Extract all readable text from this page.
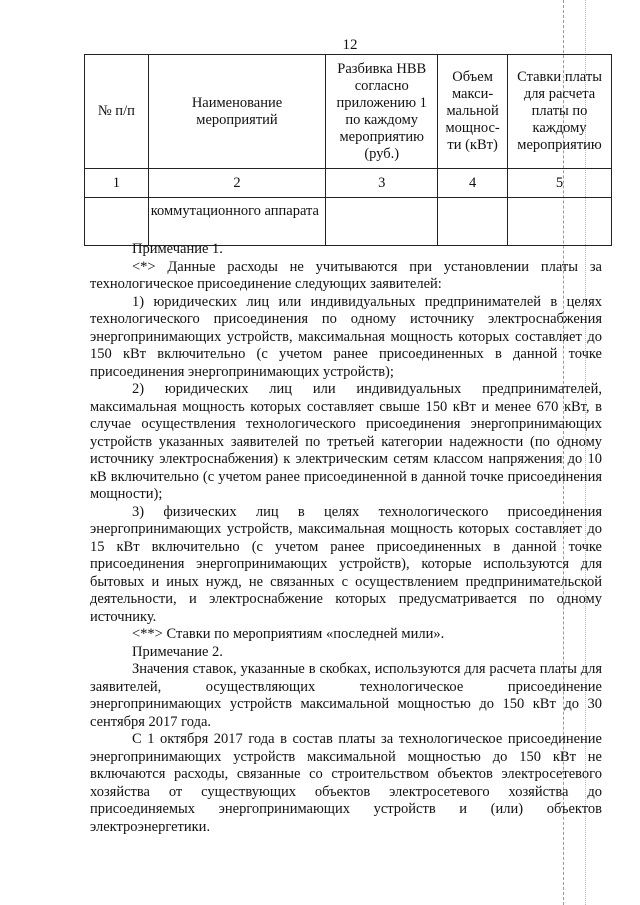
12
№ п/п	Наименование мероприятий	Разбивка НВВ согласно приложению 1 по каждому мероприятию (руб.)	Объем макси-мальной мощнос-ти (кВт)	Ставки платы для расчета платы по каждому мероприятию
1	2	3	4	5
	коммутационного аппарата			

Примечание 1.

<*> Данные расходы не учитываются при установлении платы за технологическое присоединение следующих заявителей:

1) юридических лиц или индивидуальных предпринимателей в целях технологического присоединения по одному источнику электроснабжения энергопринимающих устройств, максимальная мощность которых составляет до 150 кВт включительно (с учетом ранее присоединенных в данной точке присоединения энергопринимающих устройств);

2) юридических лиц или индивидуальных предпринимателей, максимальная мощность которых составляет свыше 150 кВт и менее 670 кВт, в случае осуществления технологического присоединения энергопринимающих устройств указанных заявителей по третьей категории надежности (по одному источнику электроснабжения) к электрическим сетям классом напряжения до 10 кВ включительно (с учетом ранее присоединенной в данной точке присоединения мощности);

3) физических лиц в целях технологического присоединения энергопринимающих устройств, максимальная мощность которых составляет до 15 кВт включительно (с учетом ранее присоединенных в данной точке присоединения энергопринимающих устройств), которые используются для бытовых и иных нужд, не связанных с осуществлением предпринимательской деятельности, и электроснабжение которых предусматривается по одному источнику.

<**> Ставки по мероприятиям «последней мили».

Примечание 2.

Значения ставок, указанные в скобках, используются для расчета платы для заявителей, осуществляющих технологическое присоединение энергопринимающих устройств максимальной мощностью до 150 кВт до 30 сентября 2017 года.

С 1 октября 2017 года в состав платы за технологическое присоединение энергопринимающих устройств максимальной мощностью до 150 кВт не включаются расходы, связанные со строительством объектов электросетевого хозяйства от существующих объектов электросетевого хозяйства до присоединяемых энергопринимающих устройств и (или) объектов электроэнергетики.
